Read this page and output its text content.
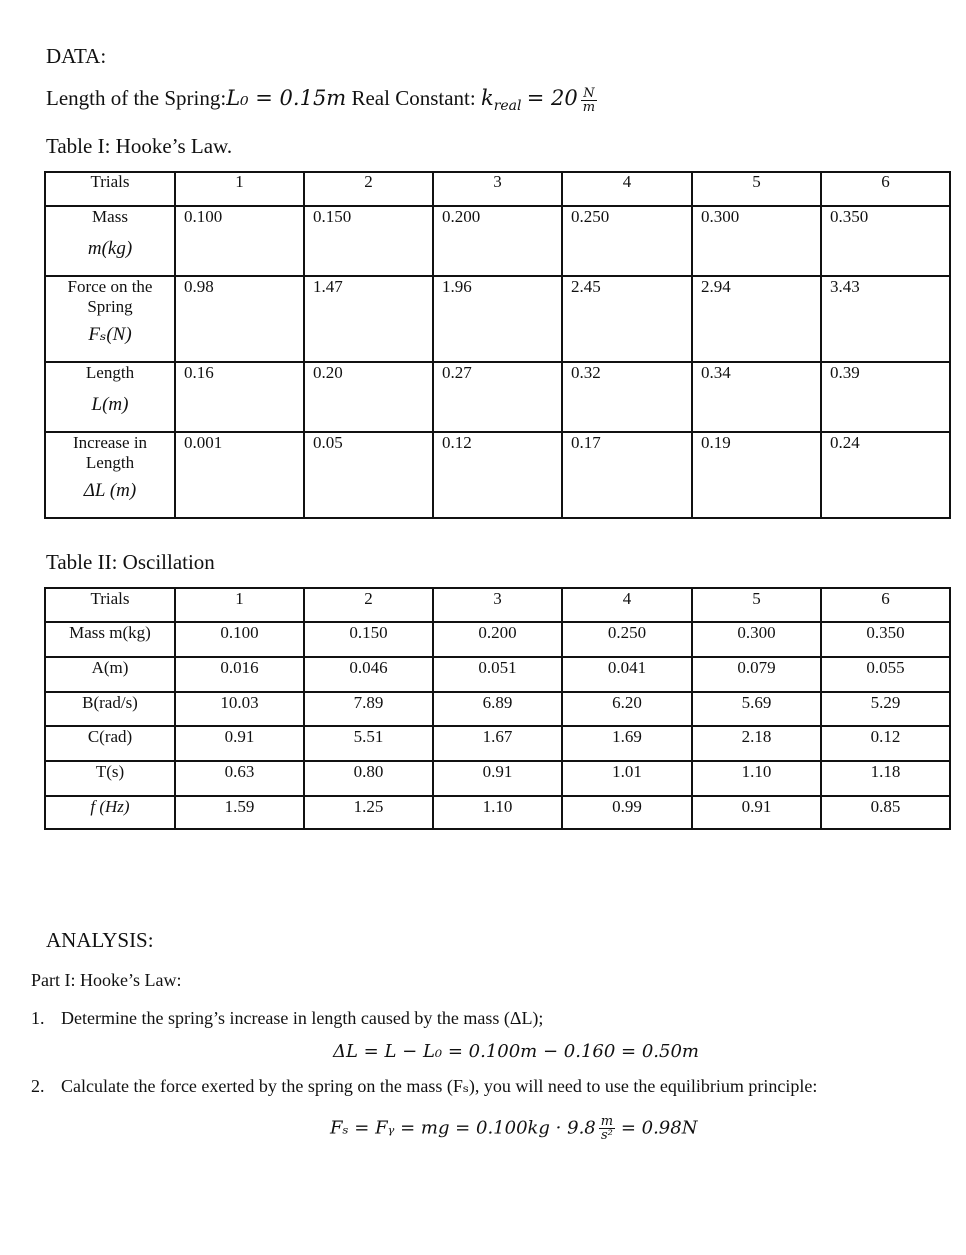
DATA:
Length of the Spring:L₀ = 0.15m Real Constant: $k_{real} = 20 \frac{N}{m}$
Table I: Hooke’s Law.
Trials	1	2	3	4	5	6
Mass
m(kg)	0.100	0.150	0.200	0.250	0.300	0.350
Force on the Spring
Fₛ(N)	0.98	1.47	1.96	2.45	2.94	3.43
Length
L(m)	0.16	0.20	0.27	0.32	0.34	0.39
Increase in Length
ΔL (m)	0.001	0.05	0.12	0.17	0.19	0.24
Table II: Oscillation
Trials	1	2	3	4	5	6
Mass m(kg)	0.100	0.150	0.200	0.250	0.300	0.350
A(m)	0.016	0.046	0.051	0.041	0.079	0.055
B(rad/s)	10.03	7.89	6.89	6.20	5.69	5.29
C(rad)	0.91	5.51	1.67	1.69	2.18	0.12
T(s)	0.63	0.80	0.91	1.01	1.10	1.18
f (Hz)	1.59	1.25	1.10	0.99	0.91	0.85
ANALYSIS:
Part I: Hooke’s Law:
1. Determine the spring’s increase in length caused by the mass (ΔL);
ΔL = L − L₀ = 0.100m − 0.160 = 0.50m
2. Calculate the force exerted by the spring on the mass (Fₛ), you will need to use the equilibrium principle:
Fₛ = Fᵧ = mg = $0.100kg \cdot 9.8 \frac{m}{\text{s²}} = 0.98N$
